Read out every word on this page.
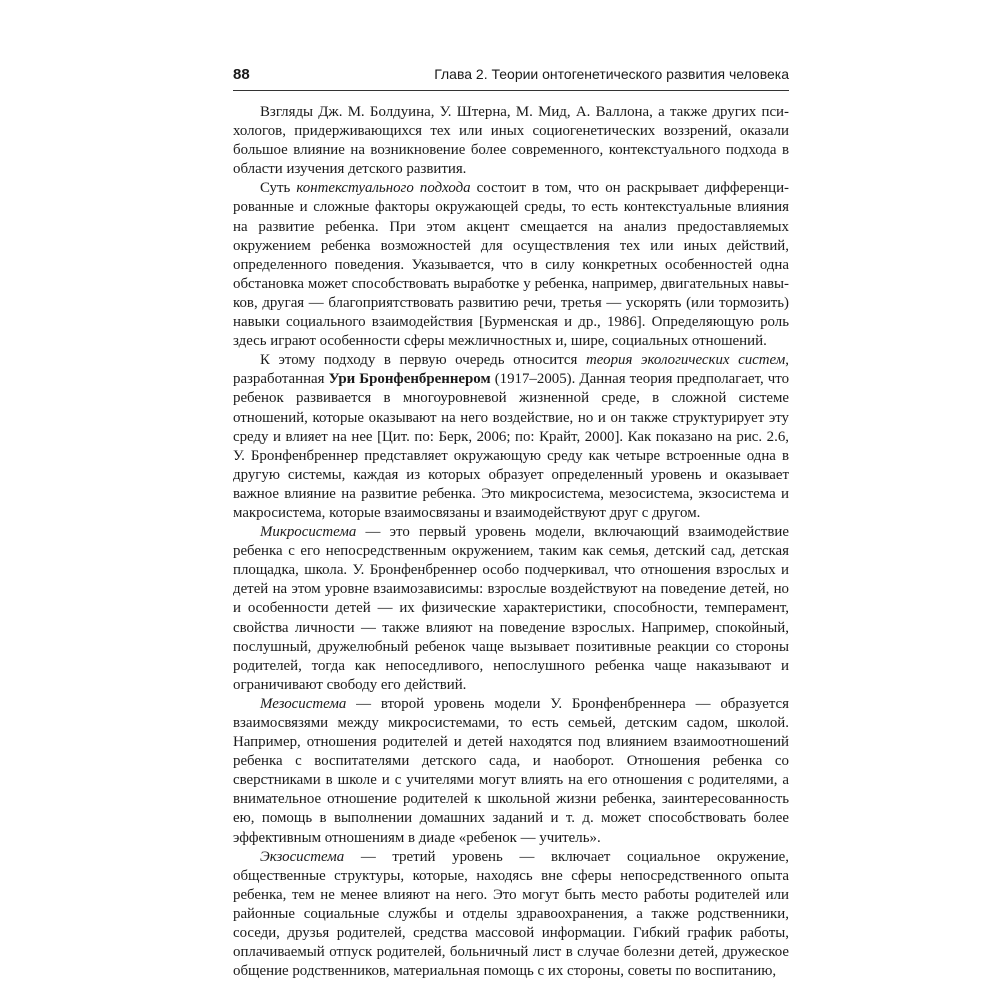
88	Глава 2. Теории онтогенетического развития человека

Взгляды Дж. М. Болдуина, У. Штерна, М. Мид, А. Валлона, а также других психологов, придерживающихся тех или иных социогенетических воззрений, оказали большое влияние на возникновение более современного, контекстуального подхода в области изучения детского развития.

Суть контекстуального подхода состоит в том, что он раскрывает дифференцированные и сложные факторы окружающей среды, то есть контекстуальные влияния на развитие ребенка. При этом акцент смещается на анализ предоставляемых окружением ребенка возможностей для осуществления тех или иных действий, определенного поведения. Указывается, что в силу конкретных особенностей одна обстановка может способствовать выработке у ребенка, например, двигательных навыков, другая — благоприятствовать развитию речи, третья — ускорять (или тормозить) навыки социального взаимодействия [Бурменская и др., 1986]. Определяющую роль здесь играют особенности сферы межличностных и, шире, социальных отношений.

К этому подходу в первую очередь относится теория экологических систем, разработанная Ури Бронфенбреннером (1917–2005). Данная теория предполагает, что ребенок развивается в многоуровневой жизненной среде, в сложной системе отношений, которые оказывают на него воздействие, но и он также структурирует эту среду и влияет на нее [Цит. по: Берк, 2006; по: Крайт, 2000]. Как показано на рис. 2.6, У. Бронфенбреннер представляет окружающую среду как четыре встроенные одна в другую системы, каждая из которых образует определенный уровень и оказывает важное влияние на развитие ребенка. Это микросистема, мезосистема, экзосистема и макросистема, которые взаимосвязаны и взаимодействуют друг с другом.

Микросистема — это первый уровень модели, включающий взаимодействие ребенка с его непосредственным окружением, таким как семья, детский сад, детская площадка, школа. У. Бронфенбреннер особо подчеркивал, что отношения взрослых и детей на этом уровне взаимозависимы: взрослые воздействуют на поведение детей, но и особенности детей — их физические характеристики, способности, темперамент, свойства личности — также влияют на поведение взрослых. Например, спокойный, послушный, дружелюбный ребенок чаще вызывает позитивные реакции со стороны родителей, тогда как непоседливого, непослушного ребенка чаще наказывают и ограничивают свободу его действий.

Мезосистема — второй уровень модели У. Бронфенбреннера — образуется взаимосвязями между микросистемами, то есть семьей, детским садом, школой. Например, отношения родителей и детей находятся под влиянием взаимоотношений ребенка с воспитателями детского сада, и наоборот. Отношения ребенка со сверстниками в школе и с учителями могут влиять на его отношения с родителями, а внимательное отношение родителей к школьной жизни ребенка, заинтересованность ею, помощь в выполнении домашних заданий и т. д. может способствовать более эффективным отношениям в диаде «ребенок — учитель».

Экзосистема — третий уровень — включает социальное окружение, общественные структуры, которые, находясь вне сферы непосредственного опыта ребенка, тем не менее влияют на него. Это могут быть место работы родителей или районные социальные службы и отделы здравоохранения, а также родственники, соседи, друзья родителей, средства массовой информации. Гибкий график работы, оплачиваемый отпуск родителей, больничный лист в случае болезни детей, дружеское общение родственников, материальная помощь с их стороны, советы по воспитанию,
